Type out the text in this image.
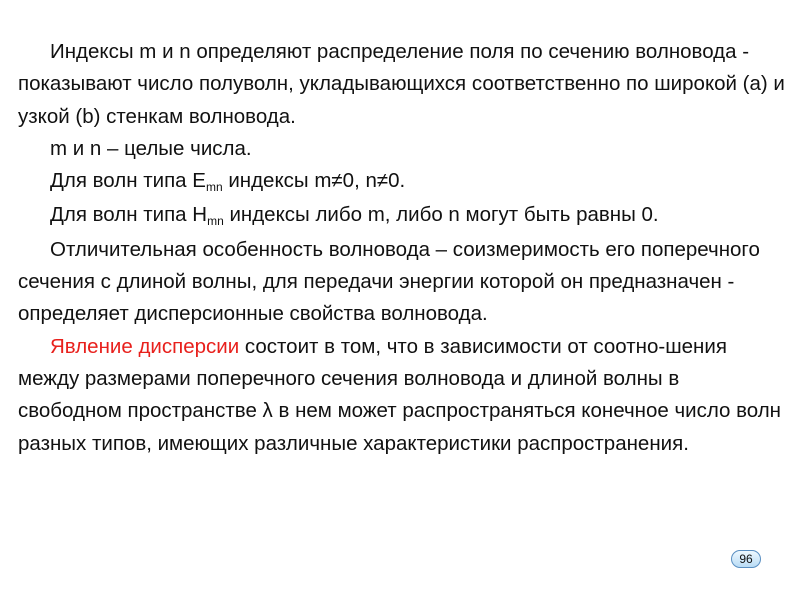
Индексы m и n определяют распределение поля по сечению волновода - показывают число полуволн, укладывающихся соответственно по широкой (a) и узкой (b) стенкам волновода.

m и n – целые числа.

Для волн типа $E_{mn}$ индексы m≠0, n≠0.

Для волн типа $H_{mn}$ индексы либо m, либо n могут быть равны 0.

Отличительная особенность волновода – соизмеримость его поперечного сечения с длиной волны, для передачи энергии которой он предназначен - определяет дисперсионные свойства волновода.

Явление дисперсии состоит в том, что в зависимости от соотно-шения между размерами поперечного сечения волновода и длиной волны в свободном пространстве λ в нем может распространяться конечное число волн разных типов, имеющих различные характеристики распространения.

96
